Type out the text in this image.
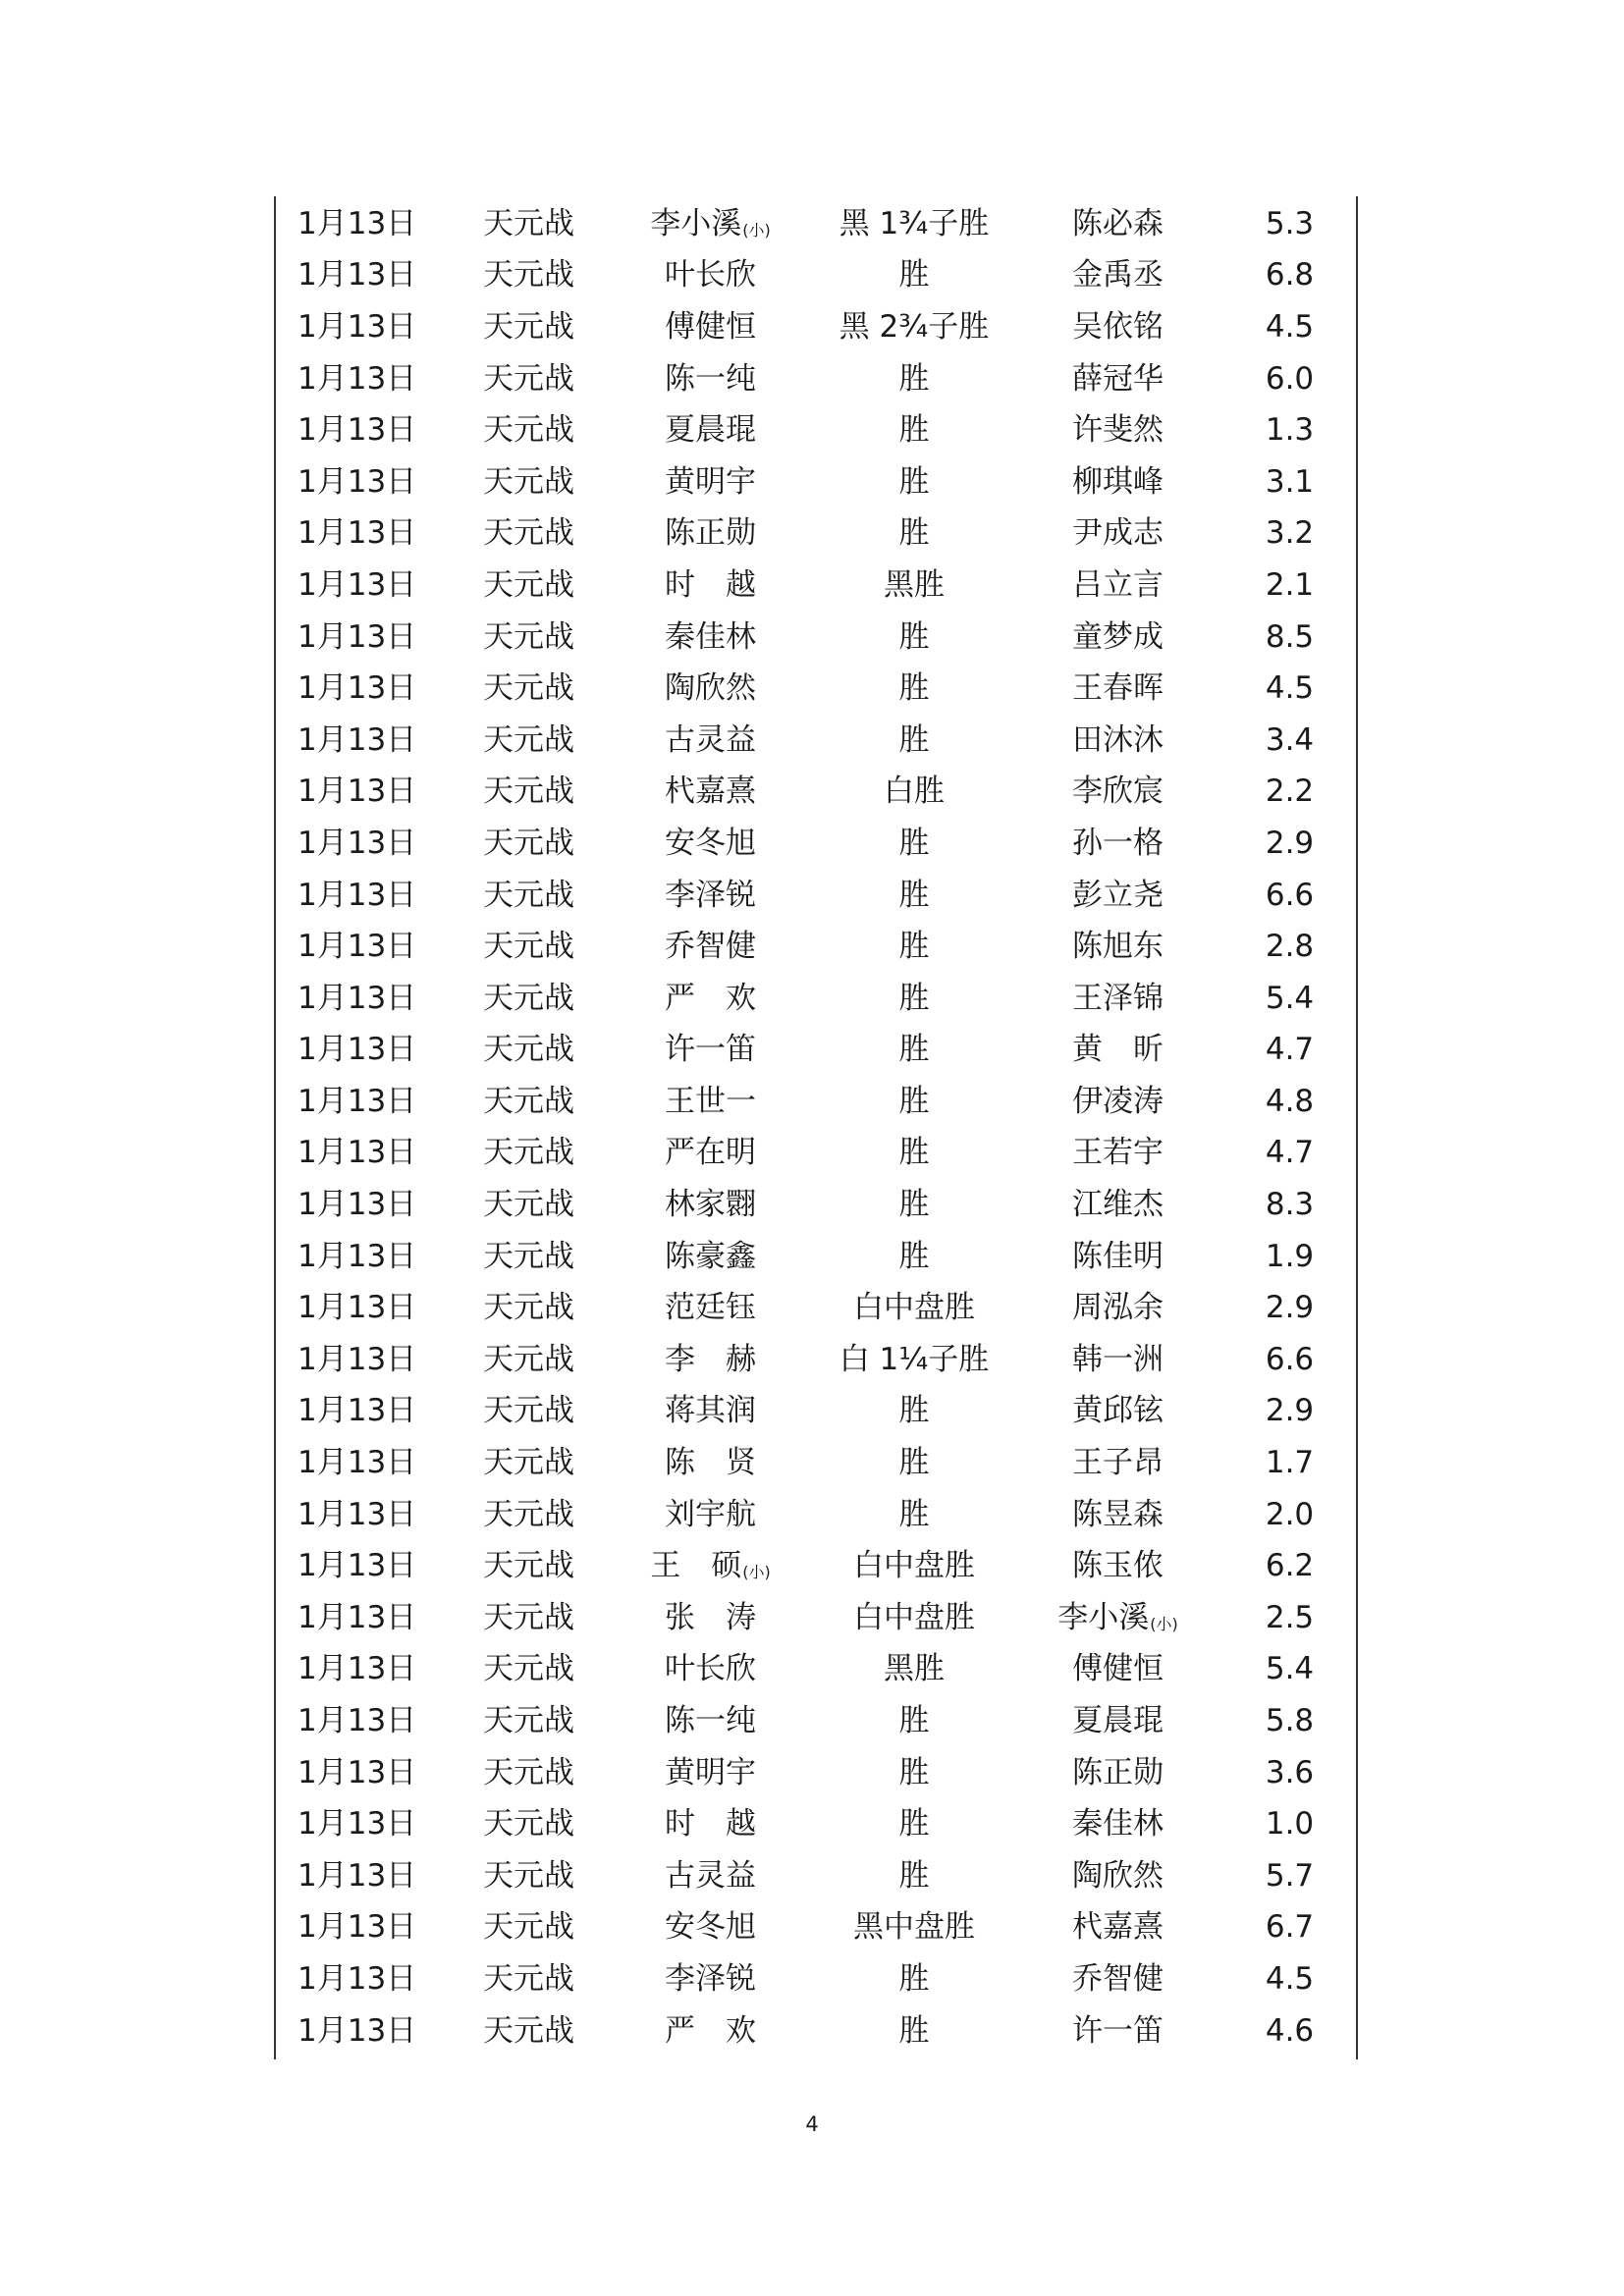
1月13日	天元战	李小溪(小)	黑 1¾子胜	陈必森	5.3
1月13日	天元战	叶长欣	胜	金禹丞	6.8
1月13日	天元战	傅健恒	黑 2¾子胜	吴依铭	4.5
1月13日	天元战	陈一纯	胜	薛冠华	6.0
1月13日	天元战	夏晨琨	胜	许斐然	1.3
1月13日	天元战	黄明宇	胜	柳琪峰	3.1
1月13日	天元战	陈正勋	胜	尹成志	3.2
1月13日	天元战	时　越	黑胜	吕立言	2.1
1月13日	天元战	秦佳林	胜	童梦成	8.5
1月13日	天元战	陶欣然	胜	王春晖	4.5
1月13日	天元战	古灵益	胜	田沐沐	3.4
1月13日	天元战	杙嘉熹	白胜	李欣宸	2.2
1月13日	天元战	安冬旭	胜	孙一格	2.9
1月13日	天元战	李泽锐	胜	彭立尧	6.6
1月13日	天元战	乔智健	胜	陈旭东	2.8
1月13日	天元战	严　欢	胜	王泽锦	5.4
1月13日	天元战	许一笛	胜	黄　昕	4.7
1月13日	天元战	王世一	胜	伊凌涛	4.8
1月13日	天元战	严在明	胜	王若宇	4.7
1月13日	天元战	林家翾	胜	江维杰	8.3
1月13日	天元战	陈豪鑫	胜	陈佳明	1.9
1月13日	天元战	范廷钰	白中盘胜	周泓余	2.9
1月13日	天元战	李　赫	白 1¼子胜	韩一洲	6.6
1月13日	天元战	蒋其润	胜	黄邱铉	2.9
1月13日	天元战	陈　贤	胜	王子昂	1.7
1月13日	天元战	刘宇航	胜	陈昱森	2.0
1月13日	天元战	王　硕(小)	白中盘胜	陈玉侬	6.2
1月13日	天元战	张　涛	白中盘胜	李小溪(小)	2.5
1月13日	天元战	叶长欣	黑胜	傅健恒	5.4
1月13日	天元战	陈一纯	胜	夏晨琨	5.8
1月13日	天元战	黄明宇	胜	陈正勋	3.6
1月13日	天元战	时　越	胜	秦佳林	1.0
1月13日	天元战	古灵益	胜	陶欣然	5.7
1月13日	天元战	安冬旭	黑中盘胜	杙嘉熹	6.7
1月13日	天元战	李泽锐	胜	乔智健	4.5
1月13日	天元战	严　欢	胜	许一笛	4.6
4
